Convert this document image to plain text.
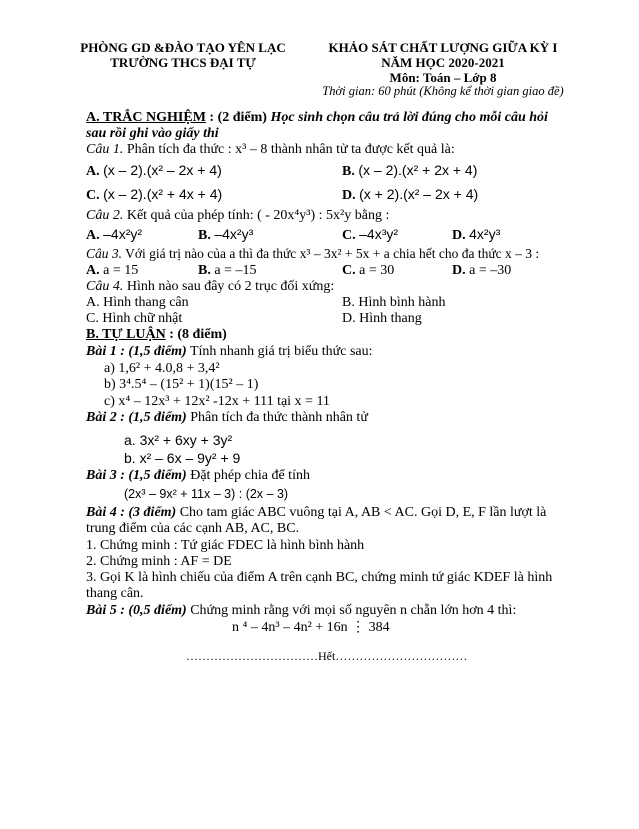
PHÒNG GD &ĐÀO TẠO YÊN LẠC
TRƯỜNG THCS ĐẠI TỰ
KHẢO SÁT CHẤT LƯỢNG GIỮA KỲ I
NĂM HỌC 2020-2021
Môn: Toán – Lớp 8
Thời gian: 60 phút (Không kể thời gian giao đề)
A. TRẮC NGHIỆM : (2 điểm) Học sinh chọn câu trả lời đúng cho mỗi câu hỏi
sau rồi ghi vào giấy thi
Câu 1. Phân tích đa thức : x³ – 8 thành nhân tử ta được kết quả là:
A. (x – 2).(x² – 2x + 4)	B. (x – 2).(x² + 2x + 4)
C. (x – 2).(x² + 4x + 4)	D. (x + 2).(x² – 2x + 4)
Câu 2. Kết quả của phép tính: ( - 20x⁴y³) : 5x²y bằng :
A. –4x²y²	B. –4x²y³	C. –4x³y²	D. 4x²y³
Câu 3. Với giá trị nào của a thì đa thức x³ – 3x² + 5x + a chia hết cho đa thức x – 3 :
A. a = 15	B. a = –15	C. a = 30	D. a = –30
Câu 4. Hình nào sau đây có 2 trục đối xứng:
A. Hình thang cân	B. Hình bình hành
C. Hình chữ nhật	D. Hình thang
B. TỰ LUẬN : (8 điểm)
Bài 1 : (1,5 điểm) Tính nhanh giá trị biểu thức sau:
a) 1,6² + 4.0,8 + 3,4²
b) 3⁴.5⁴ – (15² + 1)(15² – 1)
c) x⁴ – 12x³ + 12x² -12x + 111 tại x = 11
Bài 2 : (1,5 điểm) Phân tích đa thức thành nhân tử
a. 3x² + 6xy + 3y²
b. x² – 6x – 9y² + 9
Bài 3 : (1,5 điểm) Đặt phép chia để tính
(2x³ – 9x² + 11x – 3) : (2x – 3)
Bài 4 : (3 điểm) Cho tam giác ABC vuông tại A, AB < AC. Gọi D, E, F lần lượt là
trung điểm của các cạnh AB, AC, BC.
1. Chứng minh : Tứ giác FDEC là hình bình hành
2. Chứng minh : AF = DE
3. Gọi K là hình chiếu của điểm A trên cạnh BC, chứng minh tứ giác KDEF là hình
thang cân.
Bài 5 : (0,5 điểm) Chứng minh rằng với mọi số nguyên n chẵn lớn hơn 4 thì:
n ⁴ – 4n³ – 4n² + 16n ⋮ 384
……………………………Hết……………………………
